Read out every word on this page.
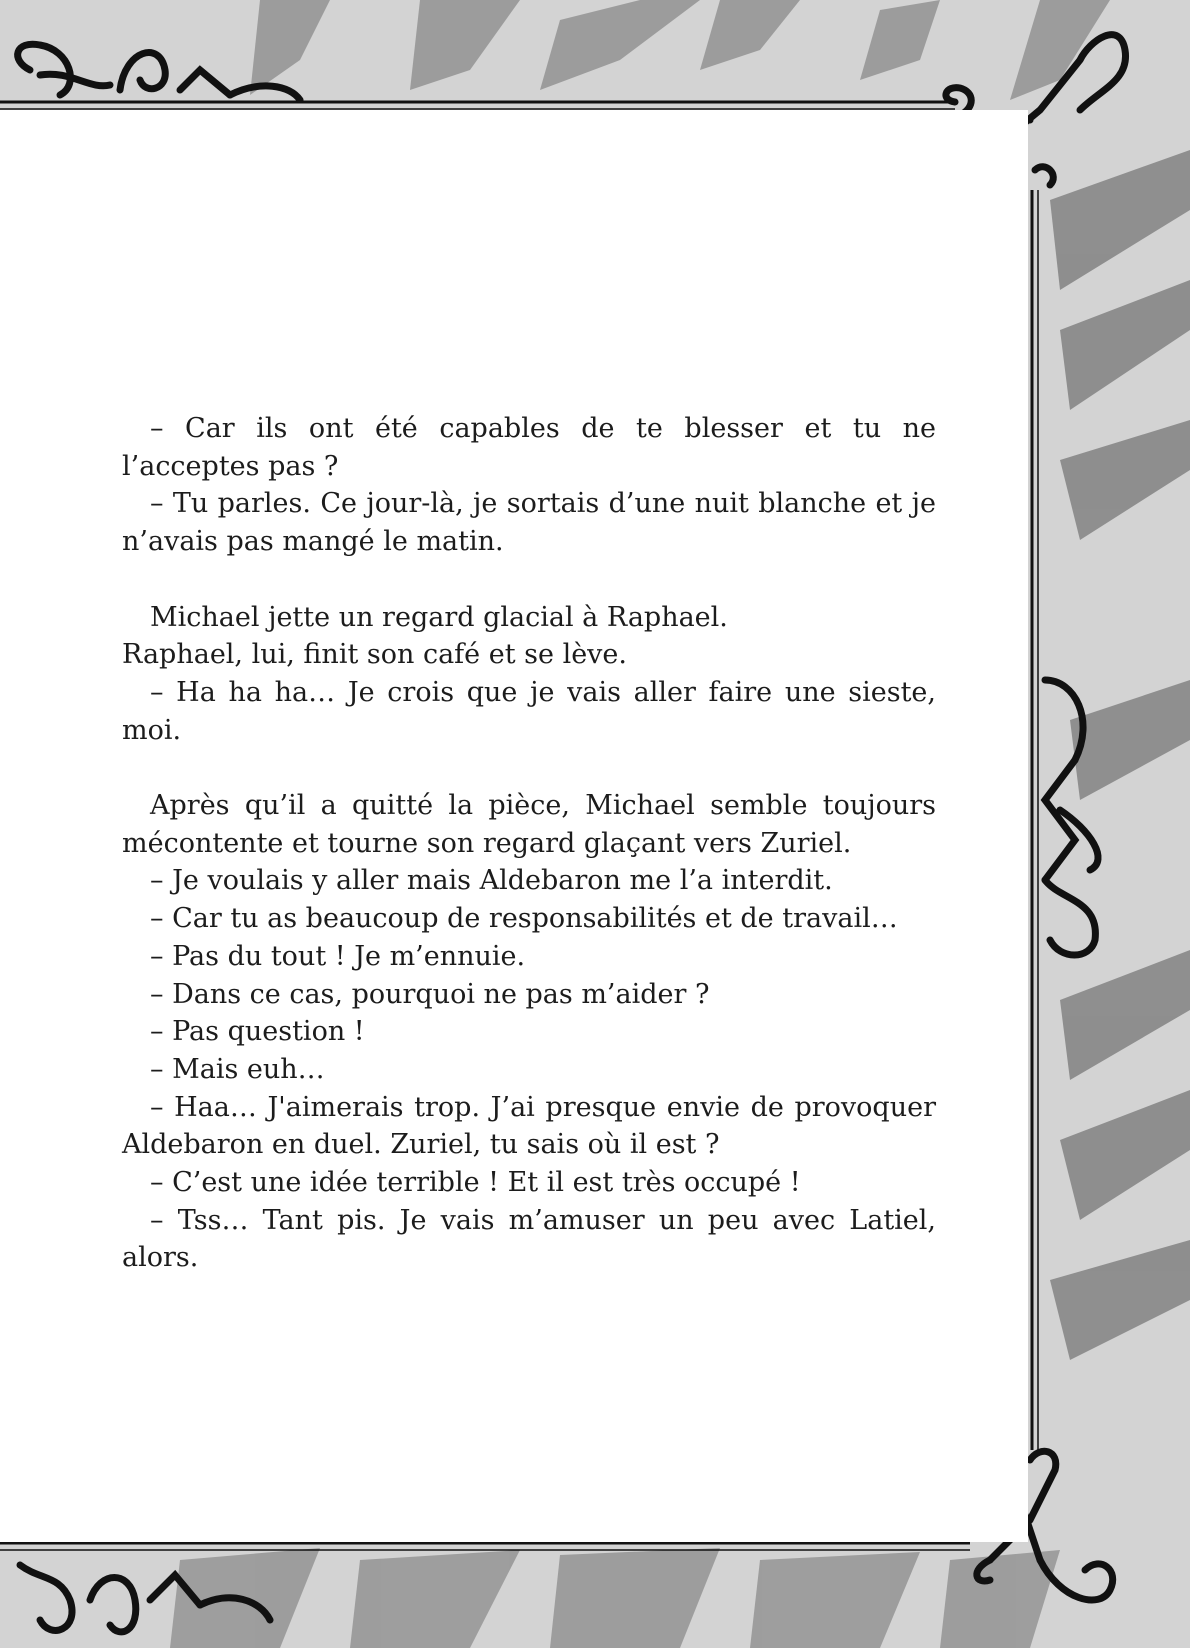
– Car ils ont été capables de te blesser et tu ne l’acceptes pas ?

– Tu parles. Ce jour-là, je sortais d’une nuit blanche et je n’avais pas mangé le matin.

Michael jette un regard glacial à Raphael.

Raphael, lui, finit son café et se lève.

– Ha ha ha… Je crois que je vais aller faire une sieste, moi.

Après qu’il a quitté la pièce, Michael semble toujours mécontente et tourne son regard glaçant vers Zuriel.

– Je voulais y aller mais Aldebaron me l’a interdit.

– Car tu as beaucoup de responsabilités et de travail…

– Pas du tout ! Je m’ennuie.

– Dans ce cas, pourquoi ne pas m’aider ?

– Pas question !

– Mais euh…

– Haa… J'aimerais trop. J’ai presque envie de provoquer Aldebaron en duel. Zuriel, tu sais où il est ?

– C’est une idée terrible ! Et il est très occupé !

– Tss… Tant pis. Je vais m’amuser un peu avec Latiel, alors.
